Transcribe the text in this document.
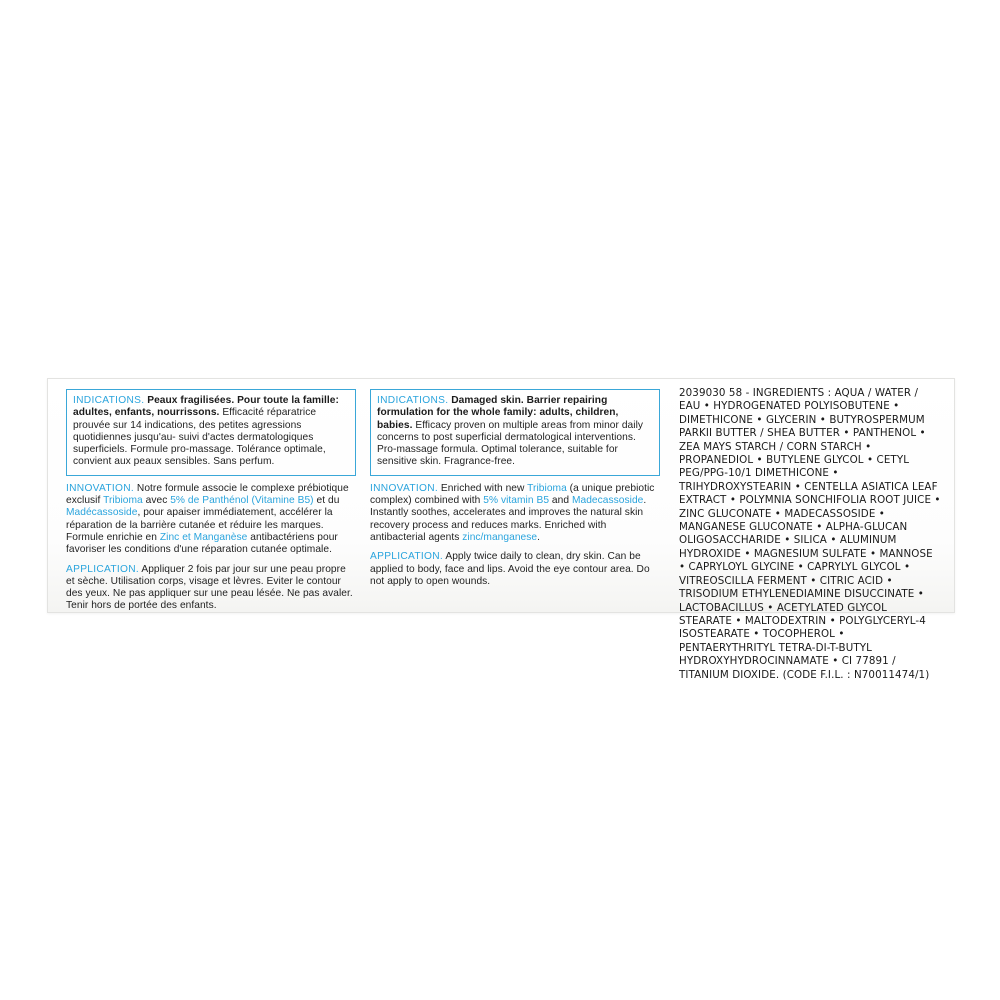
INDICATIONS. Peaux fragilisées. Pour toute la famille: adultes, enfants, nourrissons. Efficacité réparatrice prouvée sur 14 indications, des petites agressions quotidiennes jusqu'au- suivi d'actes dermatologiques superficiels. Formule pro-massage. Tolérance optimale, convient aux peaux sensibles. Sans perfum.
INNOVATION. Notre formule associe le complexe prébiotique exclusif Tribioma avec 5% de Panthénol (Vitamine B5) et du Madécassoside, pour apaiser immédiatement, accélérer la réparation de la barrière cutanée et réduire les marques. Formule enrichie en Zinc et Manganèse antibactériens pour favoriser les conditions d'une réparation cutanée optimale.
APPLICATION. Appliquer 2 fois par jour sur une peau propre et sèche. Utilisation corps, visage et lèvres. Eviter le contour des yeux. Ne pas appliquer sur une peau lésée. Ne pas avaler. Tenir hors de portée des enfants.
INDICATIONS. Damaged skin. Barrier repairing formulation for the whole family: adults, children, babies. Efficacy proven on multiple areas from minor daily concerns to post superficial dermatological interventions. Pro-massage formula. Optimal tolerance, suitable for sensitive skin. Fragrance-free.
INNOVATION. Enriched with new Tribioma (a unique prebiotic complex) combined with 5% vitamin B5 and Madecassoside. Instantly soothes, accelerates and improves the natural skin recovery process and reduces marks. Enriched with antibacterial agents zinc/manganese.
APPLICATION. Apply twice daily to clean, dry skin. Can be applied to body, face and lips. Avoid the eye contour area. Do not apply to open wounds.
2039030 58 - INGREDIENTS : AQUA / WATER / EAU • HYDROGENATED POLYISOBUTENE • DIMETHICONE • GLYCERIN • BUTYROSPERMUM PARKII BUTTER / SHEA BUTTER • PANTHENOL • ZEA MAYS STARCH / CORN STARCH • PROPANEDIOL • BUTYLENE GLYCOL • CETYL PEG/PPG-10/1 DIMETHICONE • TRIHYDROXYSTEARIN • CENTELLA ASIATICA LEAF EXTRACT • POLYMNIA SONCHIFOLIA ROOT JUICE • ZINC GLUCONATE • MADECASSOSIDE • MANGANESE GLUCONATE • ALPHA-GLUCAN OLIGOSACCHARIDE • SILICA • ALUMINUM HYDROXIDE • MAGNESIUM SULFATE • MANNOSE • CAPRYLOYL GLYCINE • CAPRYLYL GLYCOL • VITREOSCILLA FERMENT • CITRIC ACID • TRISODIUM ETHYLENEDIAMINE DISUCCINATE • LACTOBACILLUS • ACETYLATED GLYCOL STEARATE • MALTODEXTRIN • POLYGLYCERYL-4 ISOSTEARATE • TOCOPHEROL • PENTAERYTHRITYL TETRA-DI-T-BUTYL HYDROXYHYDROCINNAMATE • CI 77891 / TITANIUM DIOXIDE. (CODE F.I.L. : N70011474/1)
